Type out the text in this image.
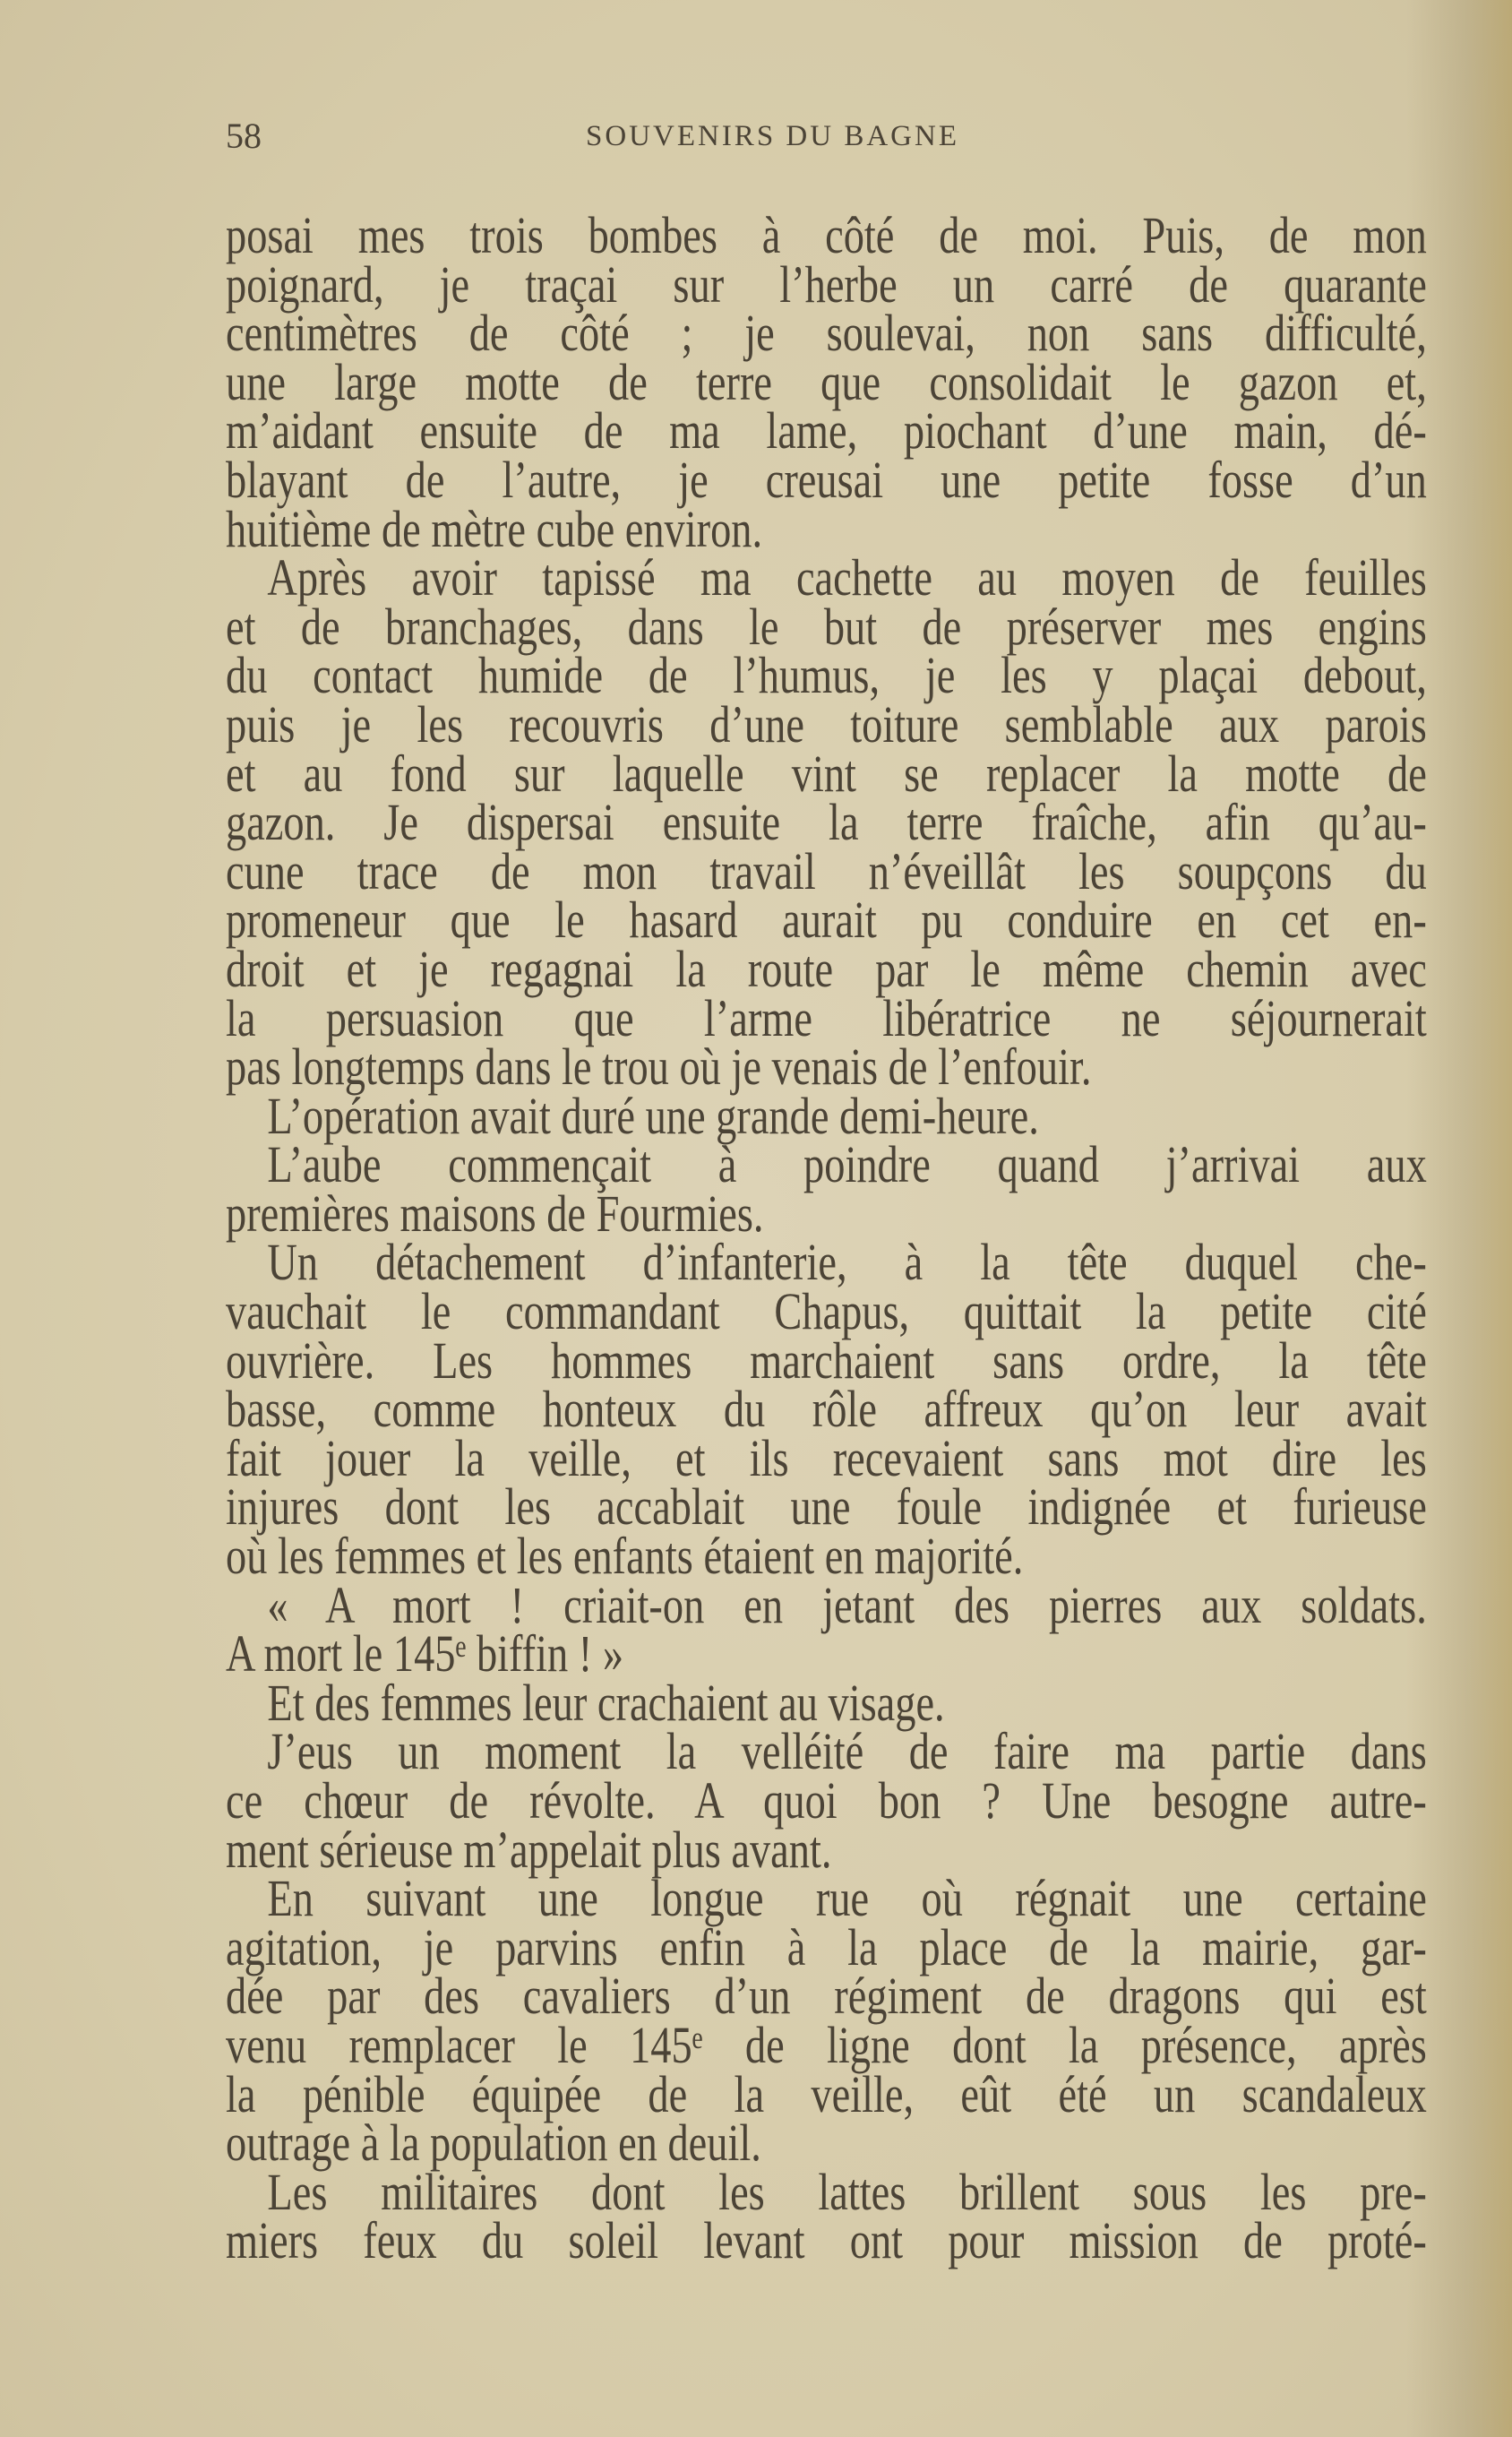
58	SOUVENIRS DU BAGNE
posai mes trois bombes à côté de moi. Puis, de mon
poignard, je traçai sur l’herbe un carré de quarante
centimètres de côté ; je soulevai, non sans difficulté,
une large motte de terre que consolidait le gazon et,
m’aidant ensuite de ma lame, piochant d’une main, dé-
blayant de l’autre, je creusai une petite fosse d’un
huitième de mètre cube environ.
Après avoir tapissé ma cachette au moyen de feuilles
et de branchages, dans le but de préserver mes engins
du contact humide de l’humus, je les y plaçai debout,
puis je les recouvris d’une toiture semblable aux parois
et au fond sur laquelle vint se replacer la motte de
gazon. Je dispersai ensuite la terre fraîche, afin qu’au-
cune trace de mon travail n’éveillât les soupçons du
promeneur que le hasard aurait pu conduire en cet en-
droit et je regagnai la route par le même chemin avec
la persuasion que l’arme libératrice ne séjournerait
pas longtemps dans le trou où je venais de l’enfouir.
L’opération avait duré une grande demi-heure.
L’aube commençait à poindre quand j’arrivai aux
premières maisons de Fourmies.
Un détachement d’infanterie, à la tête duquel che-
vauchait le commandant Chapus, quittait la petite cité
ouvrière. Les hommes marchaient sans ordre, la tête
basse, comme honteux du rôle affreux qu’on leur avait
fait jouer la veille, et ils recevaient sans mot dire les
injures dont les accablait une foule indignée et furieuse
où les femmes et les enfants étaient en majorité.
« A mort ! criait-on en jetant des pierres aux soldats.
A mort le 145ᵉ biffin ! »
Et des femmes leur crachaient au visage.
J’eus un moment la velléité de faire ma partie dans
ce chœur de révolte. A quoi bon ? Une besogne autre-
ment sérieuse m’appelait plus avant.
En suivant une longue rue où régnait une certaine
agitation, je parvins enfin à la place de la mairie, gar-
dée par des cavaliers d’un régiment de dragons qui est
venu remplacer le 145ᵉ de ligne dont la présence, après
la pénible équipée de la veille, eût été un scandaleux
outrage à la population en deuil.
Les militaires dont les lattes brillent sous les pre-
miers feux du soleil levant ont pour mission de proté-
